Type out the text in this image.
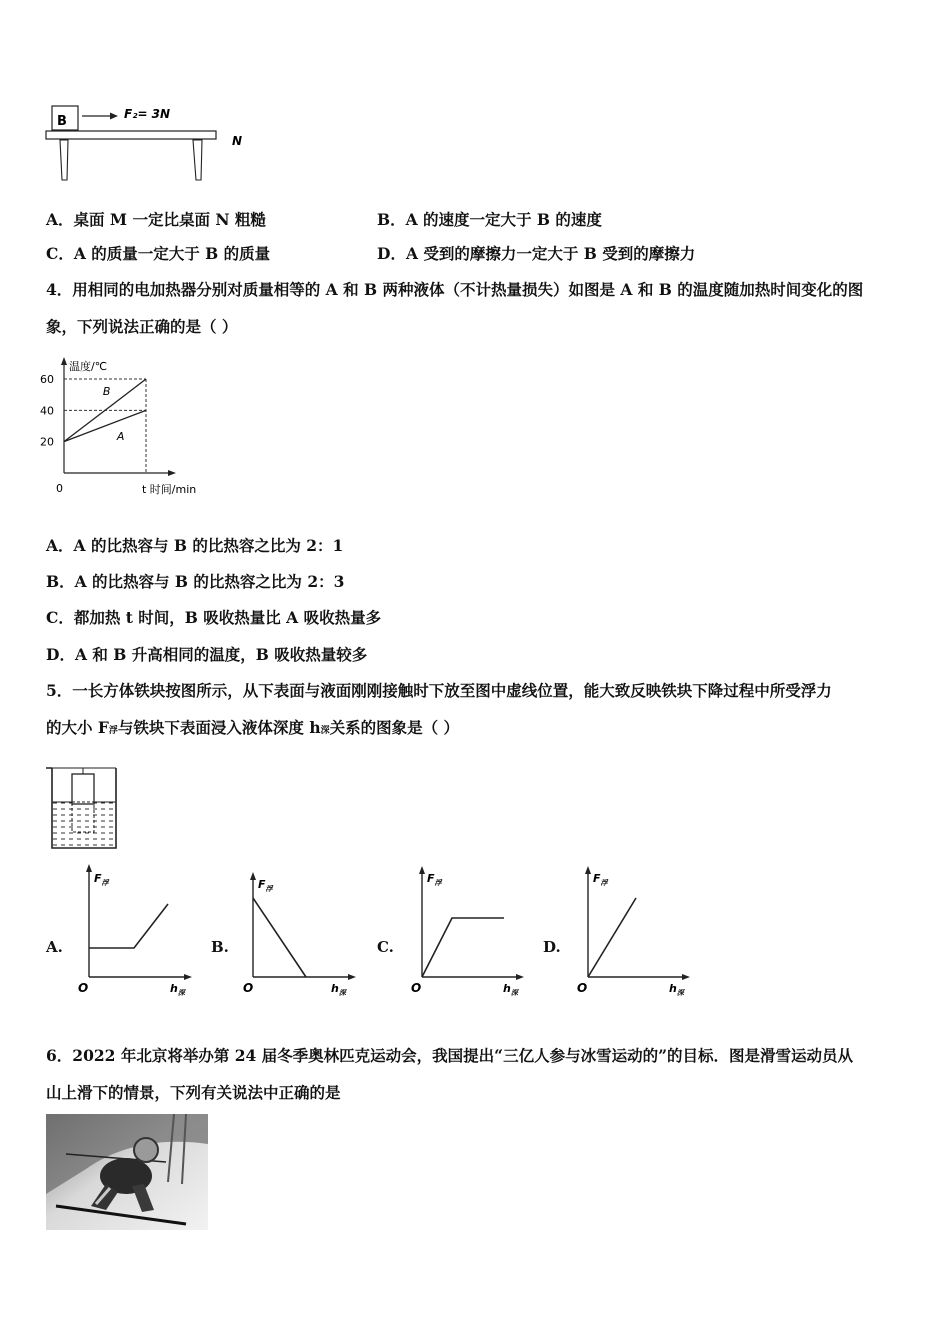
B	F₂= 3N
N
A．桌面 M 一定比桌面 N 粗糙	B．A 的速度一定大于 B 的速度
C．A 的质量一定大于 B 的质量	D．A 受到的摩擦力一定大于 B 受到的摩擦力
4．用相同的电加热器分别对质量相等的 A 和 B 两种液体（不计热量损失）如图是 A 和 B 的温度随加热时间变化的图
象，下列说法正确的是（ ）
温度/℃
t 时间/min
0
60
40
20
B
A
A．A 的比热容与 B 的比热容之比为 2：1
B．A 的比热容与 B 的比热容之比为 2：3
C．都加热 t 时间，B 吸收热量比 A 吸收热量多
D．A 和 B 升高相同的温度，B 吸收热量较多
5．一长方体铁块按图所示，从下表面与液面刚刚接触时下放至图中虚线位置，能大致反映铁块下降过程中所受浮力
的大小 F浮与铁块下表面浸入液体深度 h深关系的图象是（ ）
A.	B.	C.	D.
$F_浮$
O	$h_深$
$F_浮$
O	$h_深$
$F_浮$
O	$h_深$
$F_浮$
O	$h_深$
6．2022 年北京将举办第 24 届冬季奥林匹克运动会，我国提出“三亿人参与冰雪运动的”的目标．图是滑雪运动员从
山上滑下的情景，下列有关说法中正确的是
